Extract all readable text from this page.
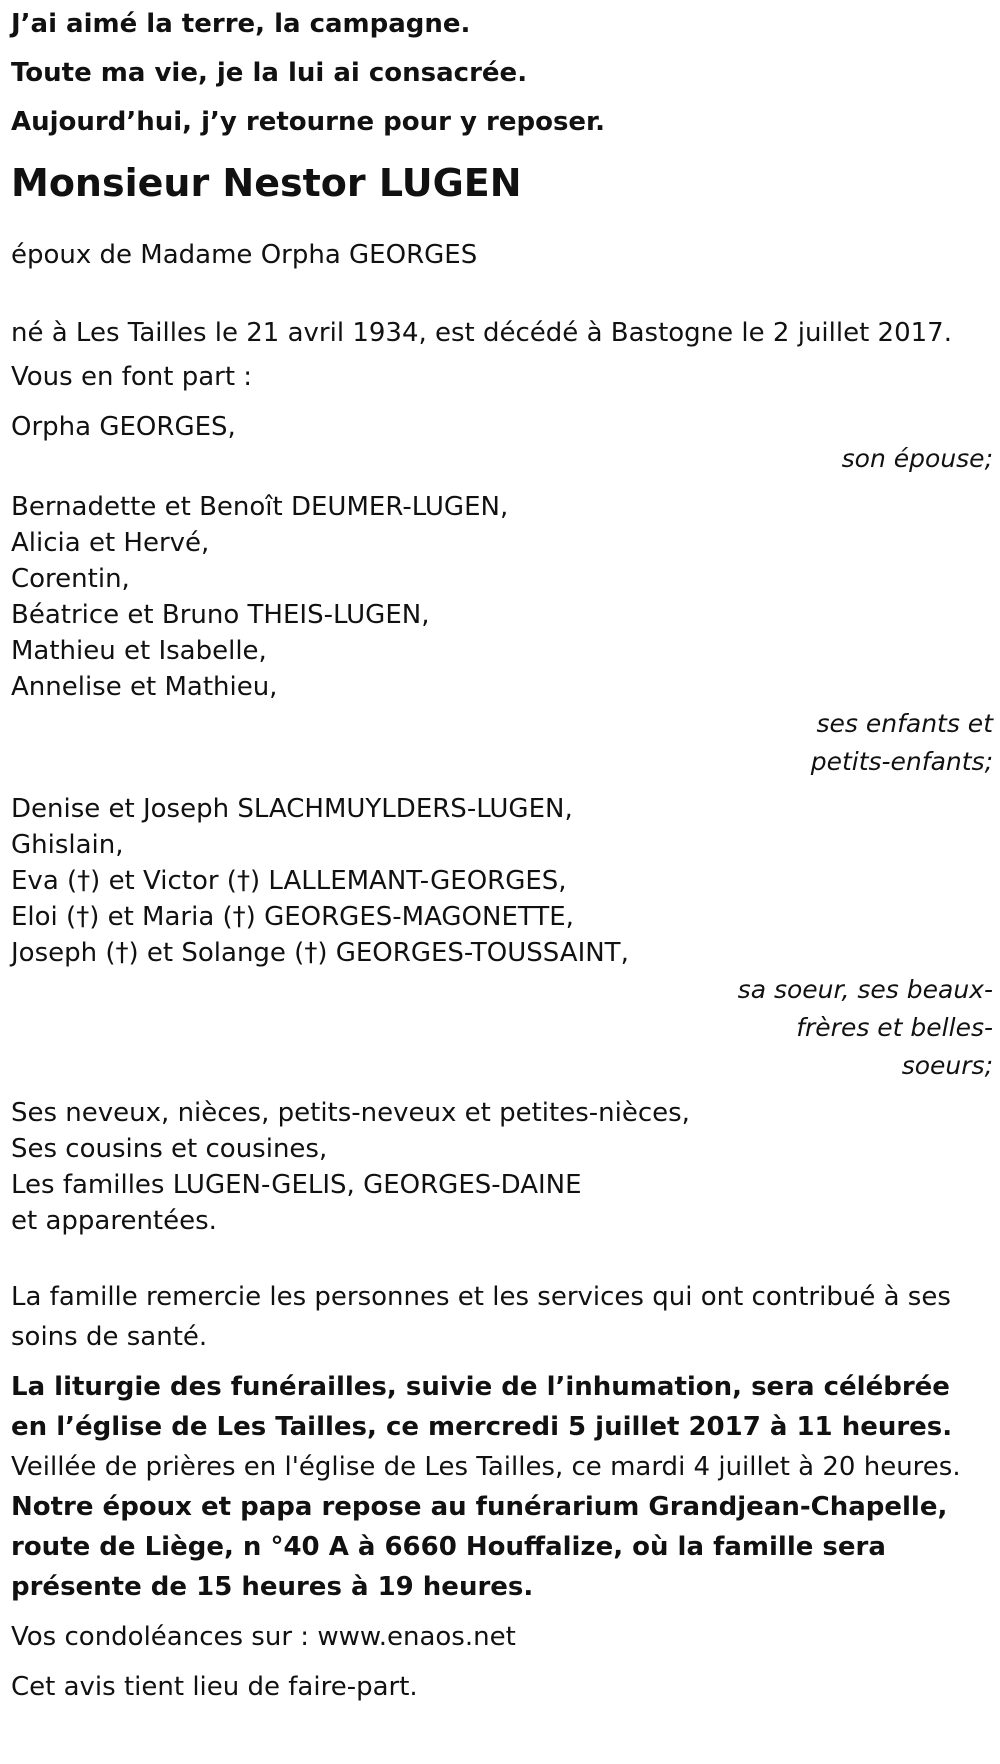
J’ai aimé la terre, la campagne.
Toute ma vie, je la lui ai consacrée.
Aujourd’hui, j’y retourne pour y reposer.
Monsieur Nestor LUGEN
époux de Madame Orpha GEORGES
né à Les Tailles le 21 avril 1934, est décédé à Bastogne le 2 juillet 2017.
Vous en font part :
Orpha GEORGES,
son épouse;
Bernadette et Benoît DEUMER-LUGEN,
Alicia et Hervé,
Corentin,
Béatrice et Bruno THEIS-LUGEN,
Mathieu et Isabelle,
Annelise et Mathieu,
ses enfants et petits-enfants;
Denise et Joseph SLACHMUYLDERS-LUGEN,
Ghislain,
Eva (†) et Victor (†) LALLEMANT-GEORGES,
Eloi (†) et Maria (†) GEORGES-MAGONETTE,
Joseph (†) et Solange (†) GEORGES-TOUSSAINT,
sa soeur, ses beaux-frères et belles-soeurs;
Ses neveux, nièces, petits-neveux et petites-nièces,
Ses cousins et cousines,
Les familles LUGEN-GELIS, GEORGES-DAINE
et apparentées.
La famille remercie les personnes et les services qui ont contribué à ses soins de santé.
La liturgie des funérailles, suivie de l’inhumation, sera célébrée en l’église de Les Tailles, ce mercredi 5 juillet 2017 à 11 heures. Veillée de prières en l'église de Les Tailles, ce mardi 4 juillet à 20 heures. Notre époux et papa repose au funérarium Grandjean-Chapelle, route de Liège, n °40 A à 6660 Houffalize, où la famille sera présente de 15 heures à 19 heures.
Vos condoléances sur : www.enaos.net
Cet avis tient lieu de faire-part.
